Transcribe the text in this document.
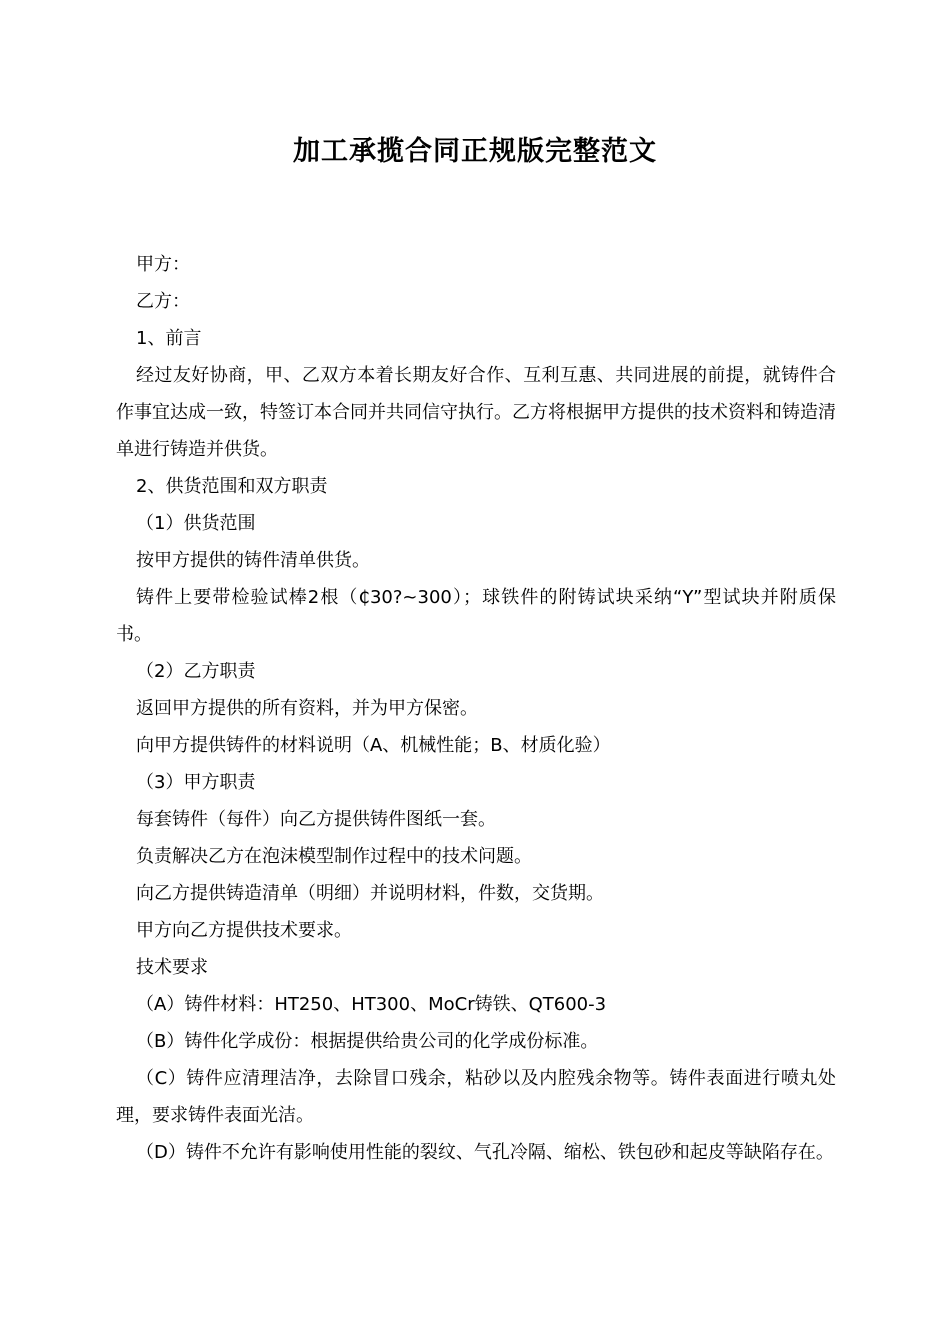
加工承揽合同正规版完整范文

甲方：

乙方：

1、前言

经过友好协商，甲、乙双方本着长期友好合作、互利互惠、共同进展的前提，就铸件合作事宜达成一致，特签订本合同并共同信守执行。乙方将根据甲方提供的技术资料和铸造清单进行铸造并供货。

2、供货范围和双方职责

（1）供货范围

按甲方提供的铸件清单供货。

铸件上要带检验试棒2根（₵30?~300）；球铁件的附铸试块采纳“Y”型试块并附质保书。

（2）乙方职责

返回甲方提供的所有资料，并为甲方保密。

向甲方提供铸件的材料说明（A、机械性能；B、材质化验）

（3）甲方职责

每套铸件（每件）向乙方提供铸件图纸一套。

负责解决乙方在泡沫模型制作过程中的技术问题。

向乙方提供铸造清单（明细）并说明材料，件数，交货期。

甲方向乙方提供技术要求。

技术要求

（A）铸件材料：HT250、HT300、MoCr铸铁、QT600-3

（B）铸件化学成份：根据提供给贵公司的化学成份标准。

（C）铸件应清理洁净，去除冒口残余，粘砂以及内腔残余物等。铸件表面进行喷丸处理，要求铸件表面光洁。

（D）铸件不允许有影响使用性能的裂纹、气孔冷隔、缩松、铁包砂和起皮等缺陷存在。
